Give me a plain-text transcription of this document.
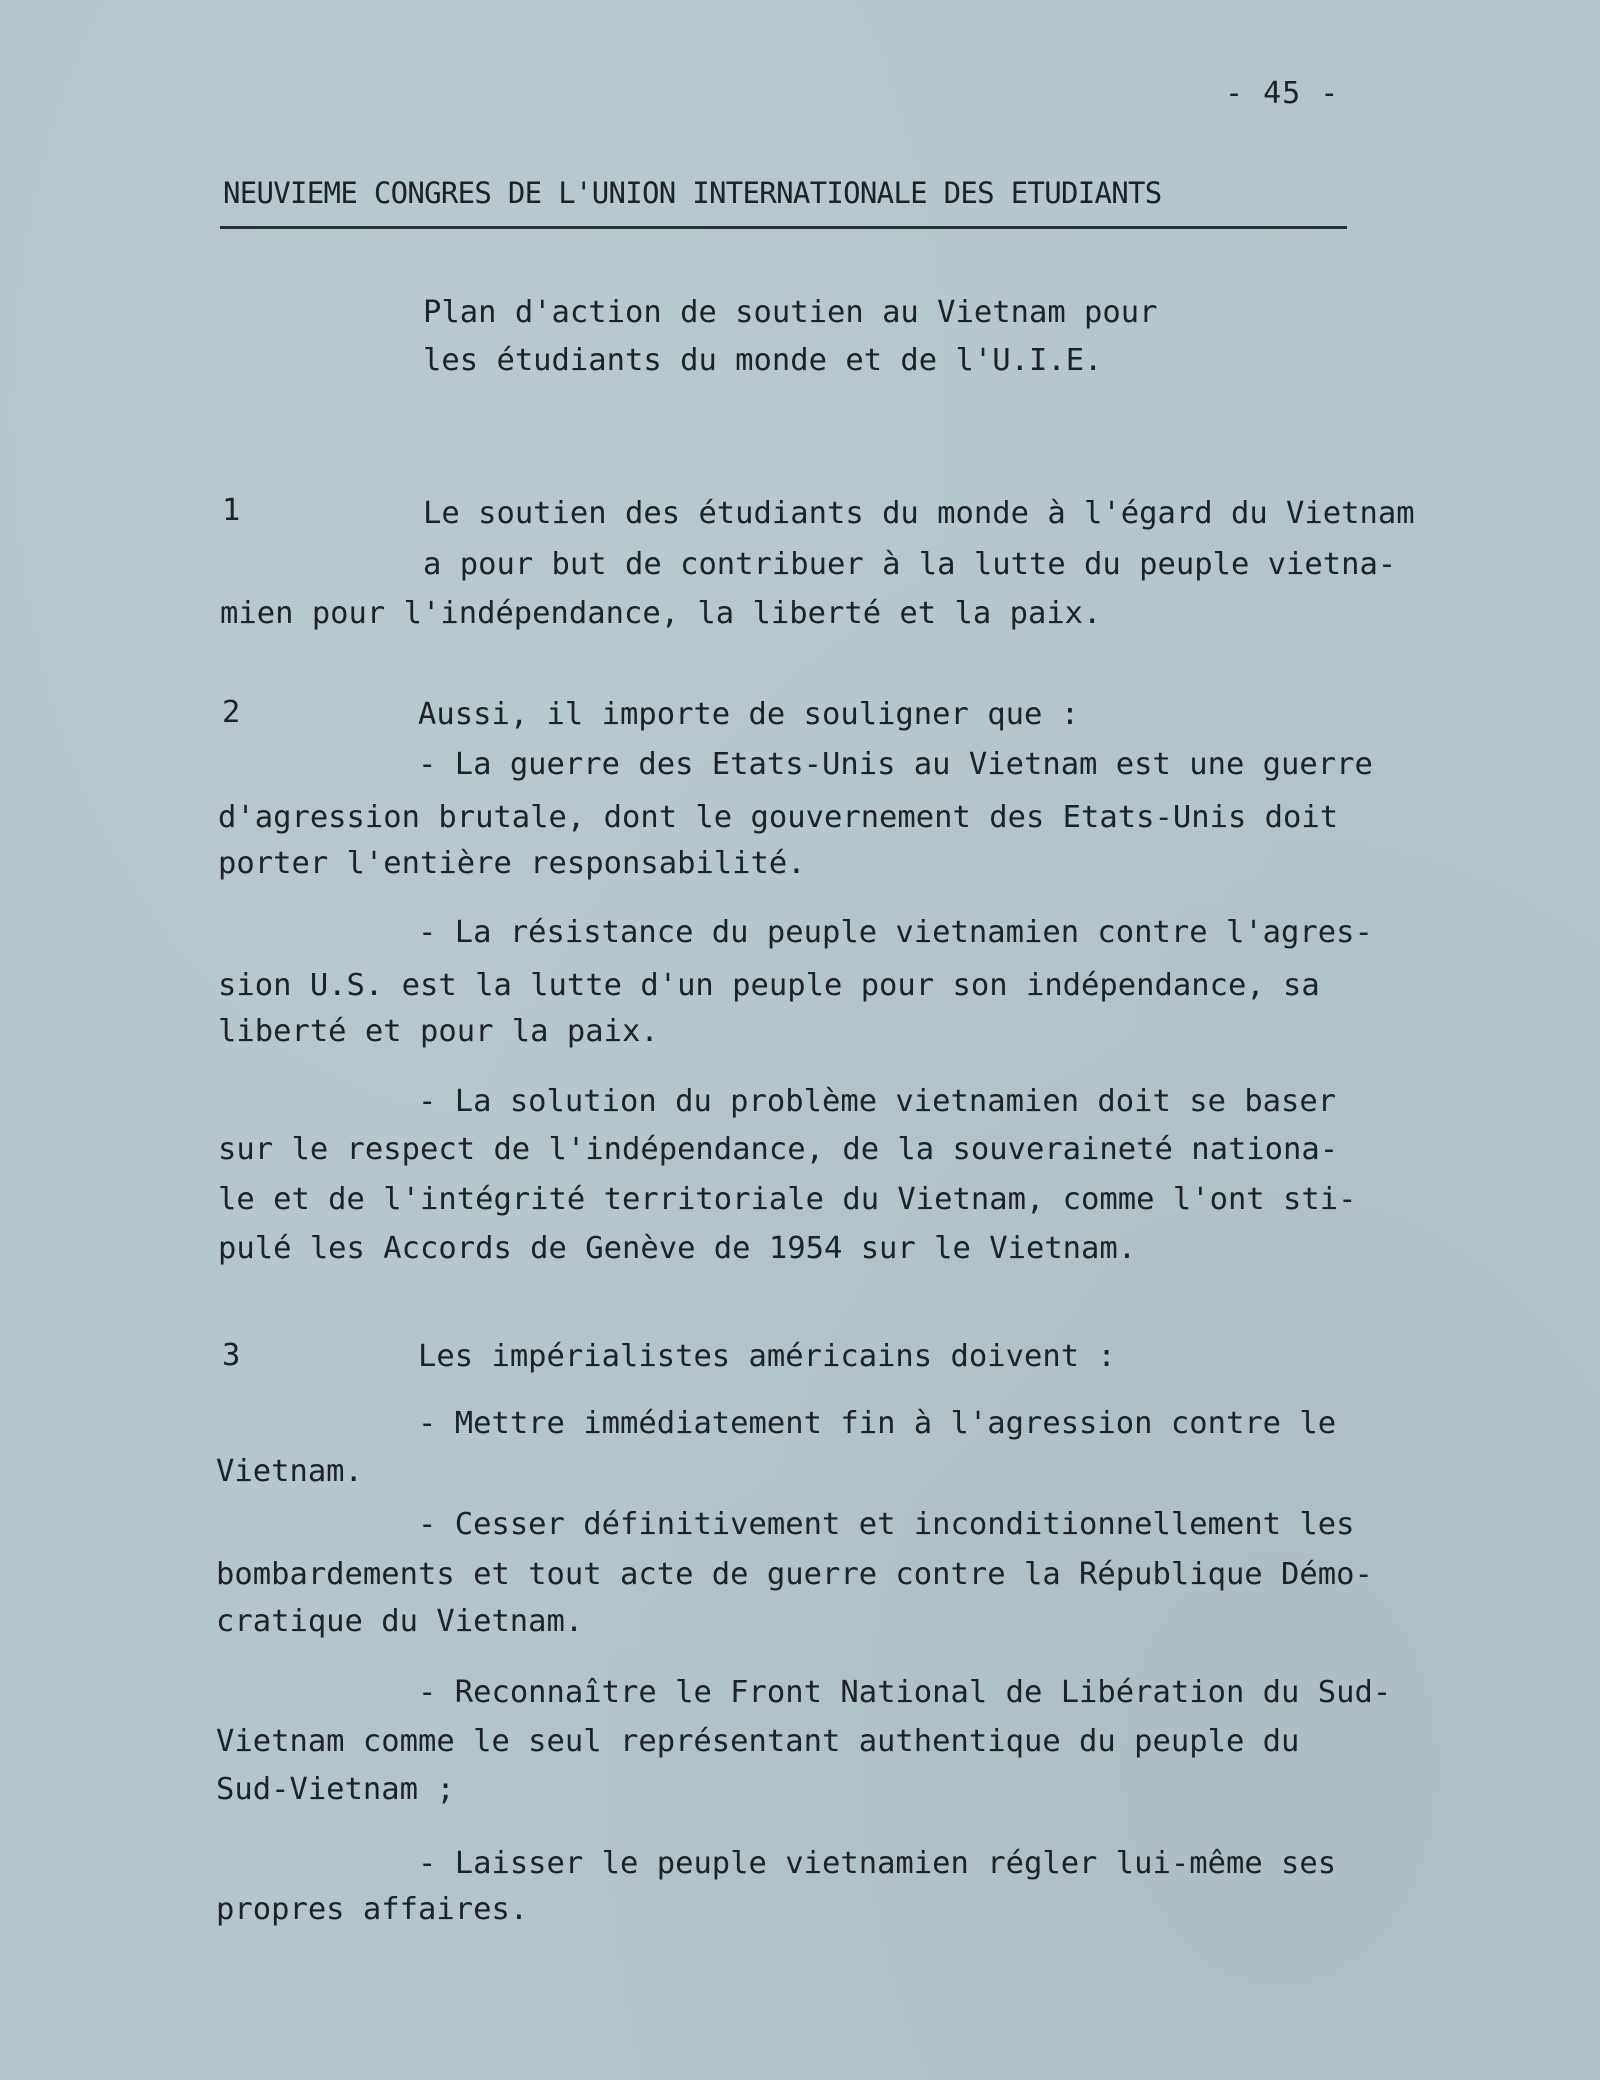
- 45 -
NEUVIEME CONGRES DE L'UNION INTERNATIONALE DES ETUDIANTS
Plan d'action de soutien au Vietnam pour
les étudiants du monde et de l'U.I.E.
1	Le soutien des étudiants du monde à l'égard du Vietnam
a pour but de contribuer à la lutte du peuple vietna-
mien pour l'indépendance, la liberté et la paix.
2	Aussi, il importe de souligner que :
- La guerre des Etats-Unis au Vietnam est une guerre
d'agression brutale, dont le gouvernement des Etats-Unis doit
porter l'entière responsabilité.
- La résistance du peuple vietnamien contre l'agres-
sion U.S. est la lutte d'un peuple pour son indépendance, sa
liberté et pour la paix.
- La solution du problème vietnamien doit se baser
sur le respect de l'indépendance, de la souveraineté nationa-
le et de l'intégrité territoriale du Vietnam, comme l'ont sti-
pulé les Accords de Genève de 1954 sur le Vietnam.
3	Les impérialistes américains doivent :
- Mettre immédiatement fin à l'agression contre le
Vietnam.
- Cesser définitivement et inconditionnellement les
bombardements et tout acte de guerre contre la République Démo-
cratique du Vietnam.
- Reconnaître le Front National de Libération du Sud-
Vietnam comme le seul représentant authentique du peuple du
Sud-Vietnam ;
- Laisser le peuple vietnamien régler lui-même ses
propres affaires.
